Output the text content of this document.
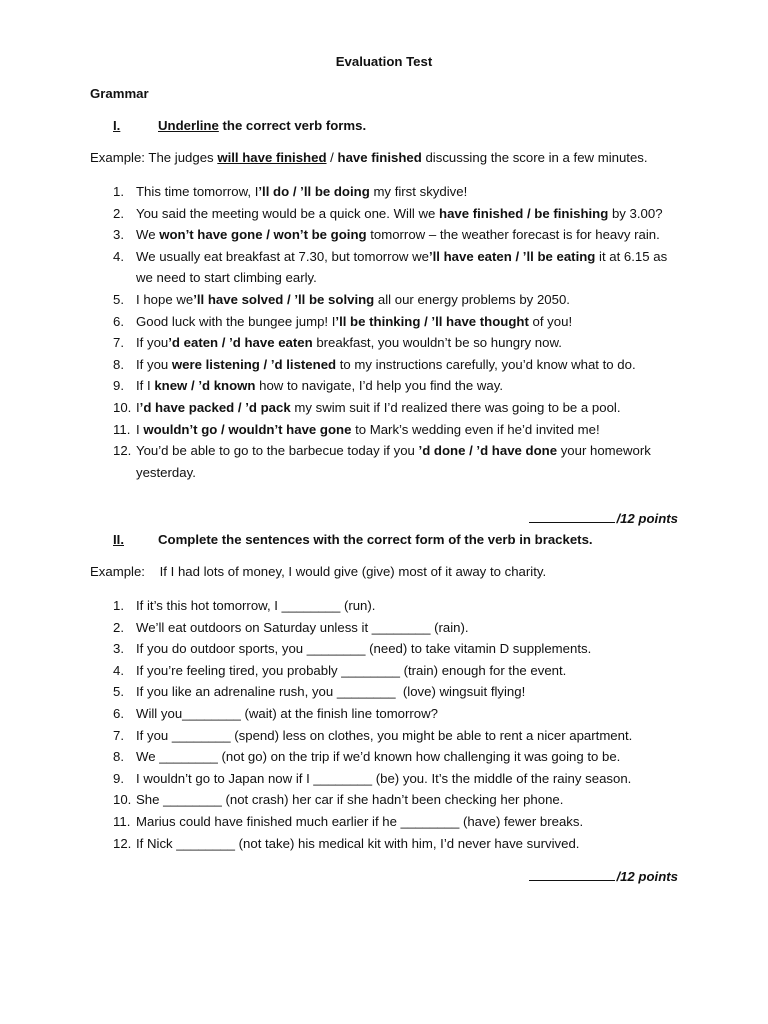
Evaluation Test
Grammar
I.	Underline the correct verb forms.
Example: The judges will have finished / have finished discussing the score in a few minutes.
1. This time tomorrow, I’ll do / ’ll be doing my first skydive!
2. You said the meeting would be a quick one. Will we have finished / be finishing by 3.00?
3. We won’t have gone / won’t be going tomorrow – the weather forecast is for heavy rain.
4. We usually eat breakfast at 7.30, but tomorrow we’ll have eaten / ’ll be eating it at 6.15 as we need to start climbing early.
5. I hope we’ll have solved / ’ll be solving all our energy problems by 2050.
6. Good luck with the bungee jump! I’ll be thinking / ’ll have thought of you!
7. If you’d eaten / ’d have eaten breakfast, you wouldn’t be so hungry now.
8. If you were listening / ’d listened to my instructions carefully, you’d know what to do.
9. If I knew / ’d known how to navigate, I’d help you find the way.
10. I’d have packed / ’d pack my swim suit if I’d realized there was going to be a pool.
11. I wouldn’t go / wouldn’t have gone to Mark’s wedding even if he’d invited me!
12. You’d be able to go to the barbecue today if you ’d done / ’d have done your homework yesterday.
/12 points
II.	Complete the sentences with the correct form of the verb in brackets.
Example:    If I had lots of money, I would give (give) most of it away to charity.
1. If it’s this hot tomorrow, I ________ (run).
2. We’ll eat outdoors on Saturday unless it ________ (rain).
3. If you do outdoor sports, you ________ (need) to take vitamin D supplements.
4. If you’re feeling tired, you probably ________ (train) enough for the event.
5. If you like an adrenaline rush, you ________  (love) wingsuit flying!
6. Will you________ (wait) at the finish line tomorrow?
7. If you ________ (spend) less on clothes, you might be able to rent a nicer apartment.
8. We ________ (not go) on the trip if we’d known how challenging it was going to be.
9. I wouldn’t go to Japan now if I ________ (be) you. It’s the middle of the rainy season.
10. She ________ (not crash) her car if she hadn’t been checking her phone.
11. Marius could have finished much earlier if he ________ (have) fewer breaks.
12. If Nick ________ (not take) his medical kit with him, I’d never have survived.
/12 points
